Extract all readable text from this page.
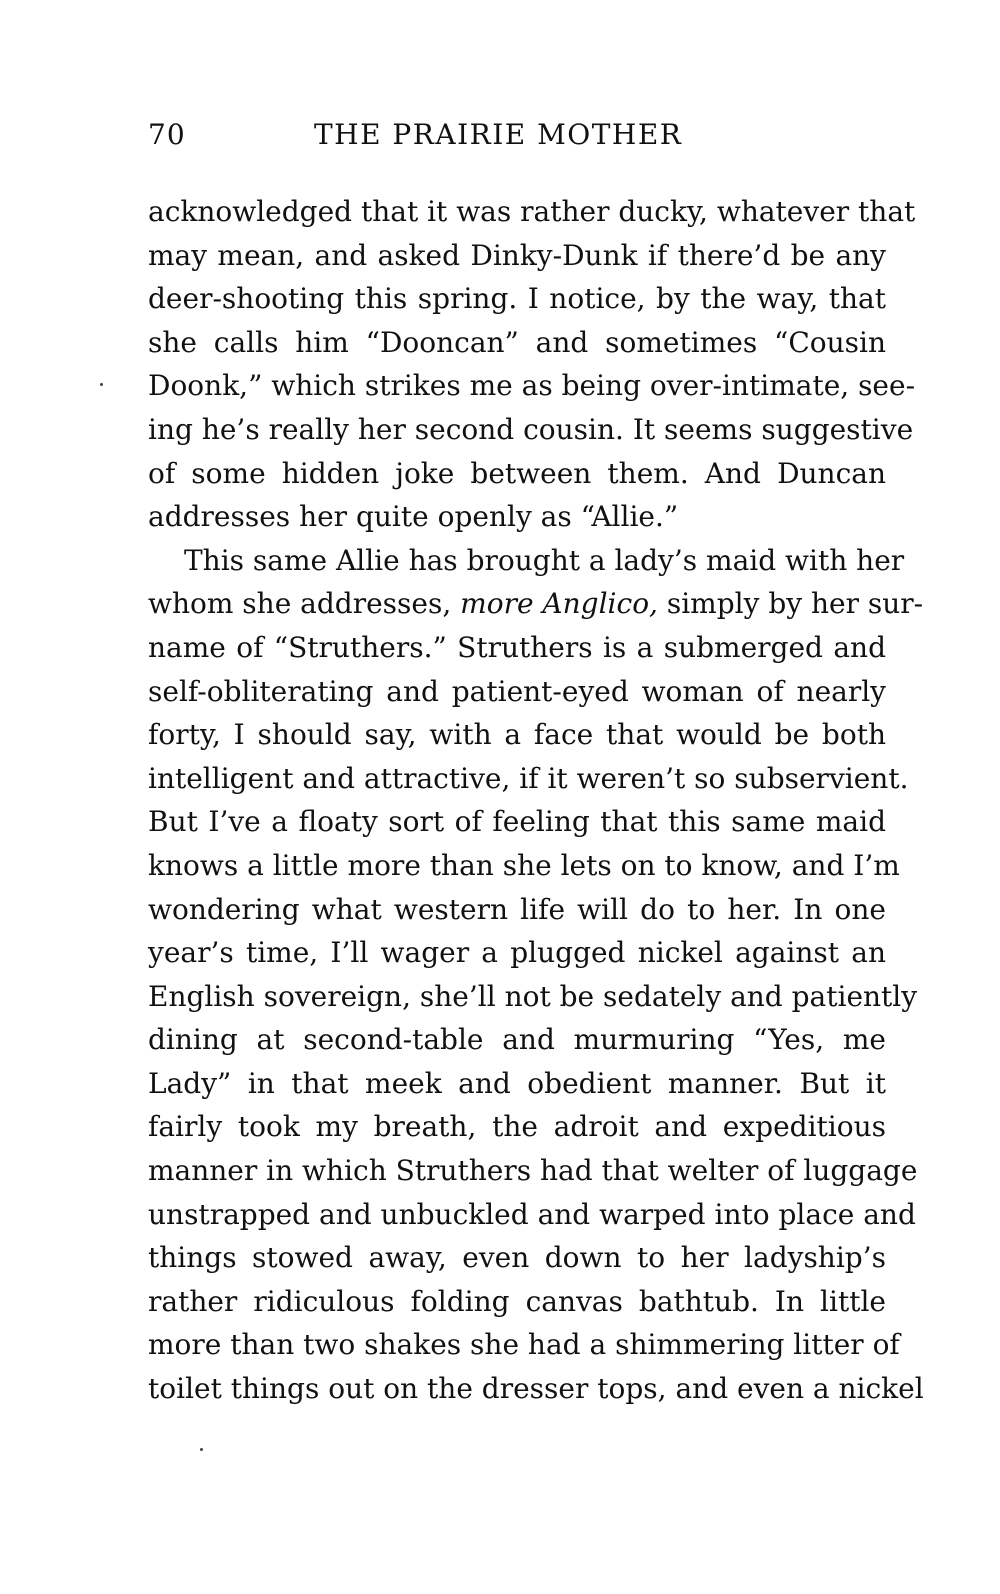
70	THE PRAIRIE MOTHER
acknowledged that it was rather ducky, whatever that
may mean, and asked Dinky-Dunk if there’d be any
deer-shooting this spring. I notice, by the way, that
she calls him “Dooncan” and sometimes “Cousin
Doonk,” which strikes me as being over-intimate, see-
ing he’s really her second cousin. It seems suggestive
of some hidden joke between them. And Duncan
addresses her quite openly as “Allie.”
This same Allie has brought a lady’s maid with her
whom she addresses, more Anglico, simply by her sur-
name of “Struthers.” Struthers is a submerged and
self-obliterating and patient-eyed woman of nearly
forty, I should say, with a face that would be both
intelligent and attractive, if it weren’t so subservient.
But I’ve a floaty sort of feeling that this same maid
knows a little more than she lets on to know, and I’m
wondering what western life will do to her. In one
year’s time, I’ll wager a plugged nickel against an
English sovereign, she’ll not be sedately and patiently
dining at second-table and murmuring “Yes, me
Lady” in that meek and obedient manner. But it
fairly took my breath, the adroit and expeditious
manner in which Struthers had that welter of luggage
unstrapped and unbuckled and warped into place and
things stowed away, even down to her ladyship’s
rather ridiculous folding canvas bathtub. In little
more than two shakes she had a shimmering litter of
toilet things out on the dresser tops, and even a nickel
